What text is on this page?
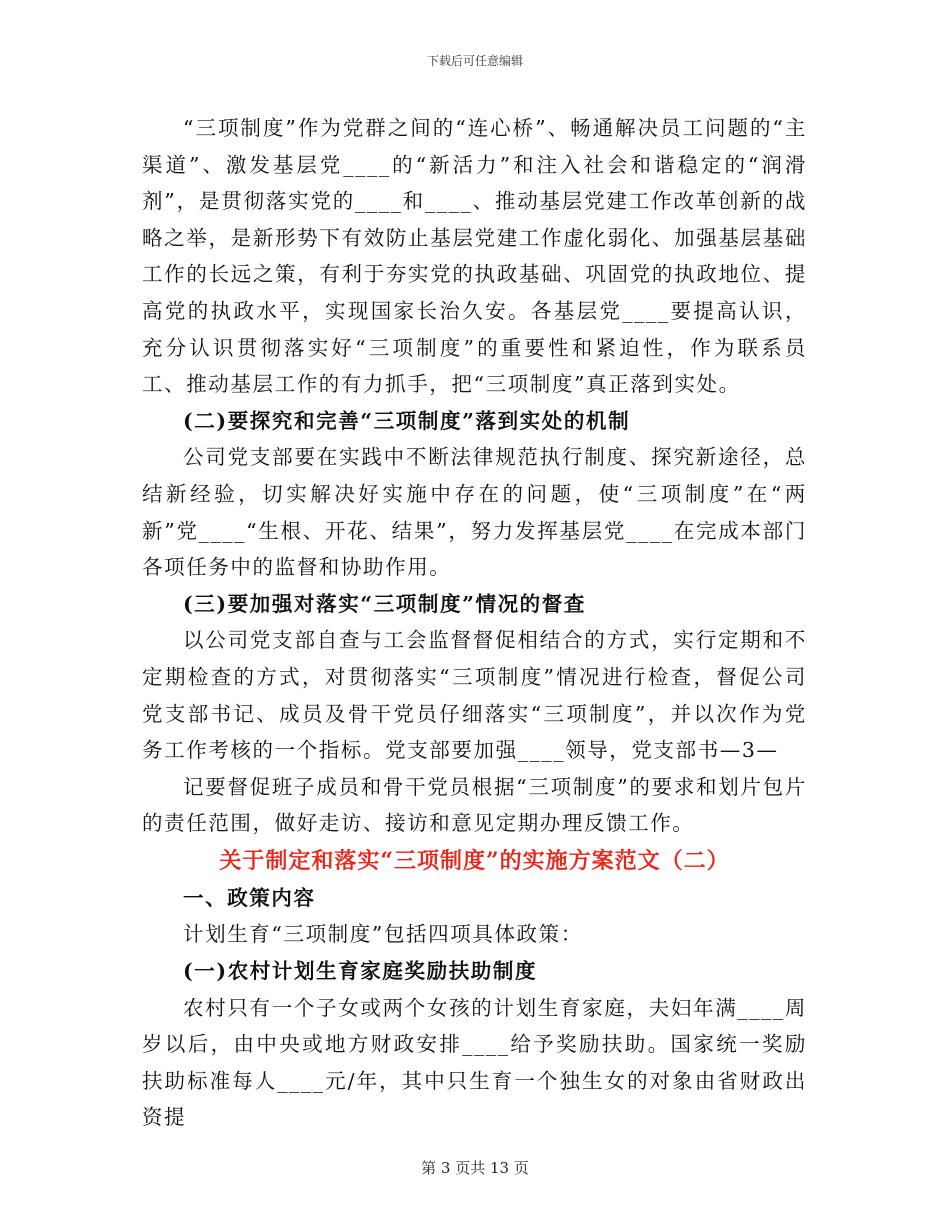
下载后可任意编辑

“三项制度”作为党群之间的“连心桥”、畅通解决员工问题的“主渠道”、激发基层党____的“新活力”和注入社会和谐稳定的“润滑剂”，是贯彻落实党的____和____、推动基层党建工作改革创新的战略之举，是新形势下有效防止基层党建工作虚化弱化、加强基层基础工作的长远之策，有利于夯实党的执政基础、巩固党的执政地位、提高党的执政水平，实现国家长治久安。各基层党____要提高认识，充分认识贯彻落实好“三项制度”的重要性和紧迫性，作为联系员工、推动基层工作的有力抓手，把“三项制度”真正落到实处。

(二)要探究和完善“三项制度”落到实处的机制

公司党支部要在实践中不断法律规范执行制度、探究新途径，总结新经验，切实解决好实施中存在的问题，使“三项制度”在“两新”党____“生根、开花、结果”，努力发挥基层党____在完成本部门各项任务中的监督和协助作用。

(三)要加强对落实“三项制度”情况的督查

以公司党支部自查与工会监督督促相结合的方式，实行定期和不定期检查的方式，对贯彻落实“三项制度”情况进行检查，督促公司党支部书记、成员及骨干党员仔细落实“三项制度”，并以次作为党务工作考核的一个指标。党支部要加强____领导，党支部书—3—

记要督促班子成员和骨干党员根据“三项制度”的要求和划片包片的责任范围，做好走访、接访和意见定期办理反馈工作。

关于制定和落实“三项制度”的实施方案范文（二）

一、政策内容

计划生育“三项制度”包括四项具体政策：

(一)农村计划生育家庭奖励扶助制度

农村只有一个子女或两个女孩的计划生育家庭，夫妇年满____周岁以后，由中央或地方财政安排____给予奖励扶助。国家统一奖励扶助标准每人____元/年，其中只生育一个独生女的对象由省财政出资提

第 3 页共 13 页
